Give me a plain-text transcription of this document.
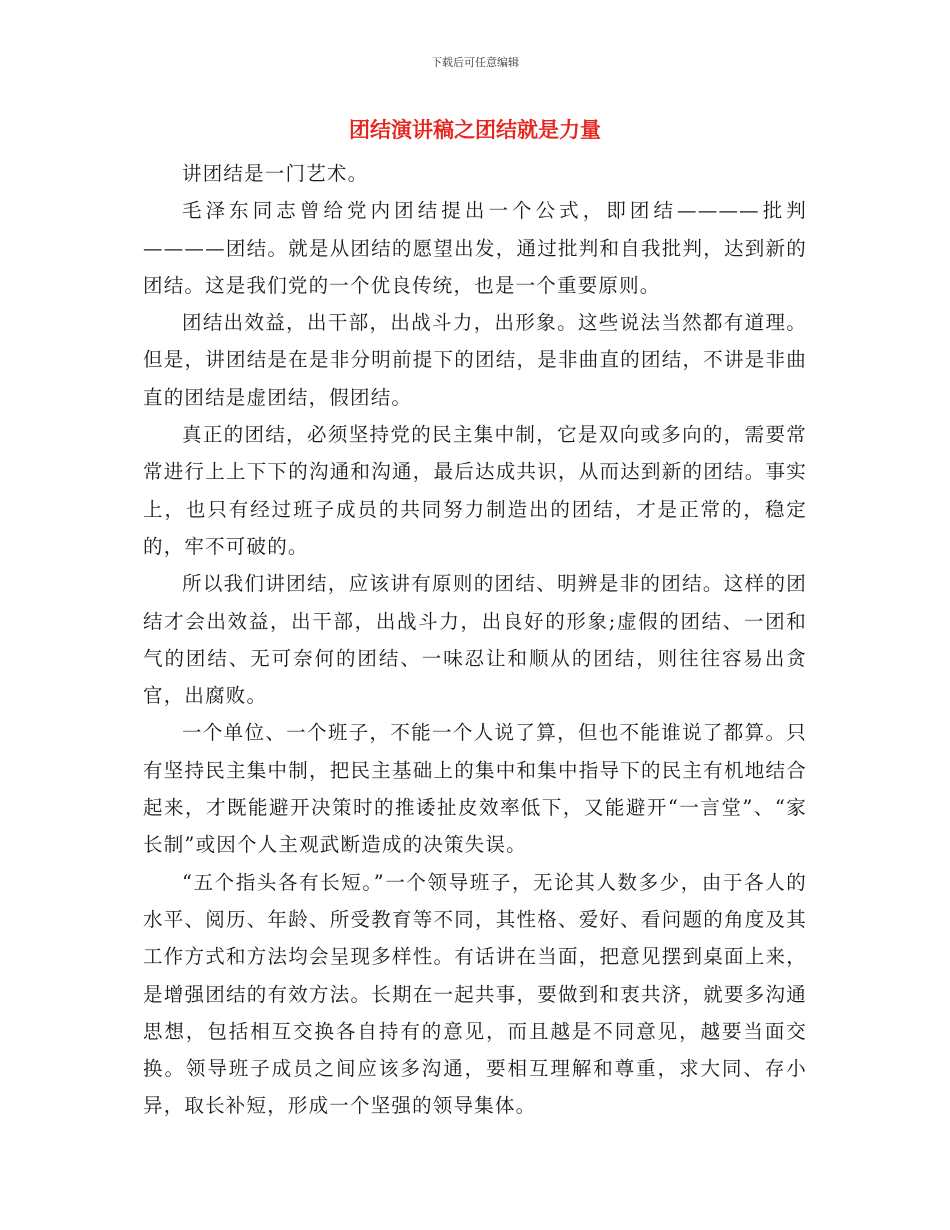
下载后可任意编辑
团结演讲稿之团结就是力量

讲团结是一门艺术。

毛泽东同志曾给党内团结提出一个公式，即团结————批判————团结。就是从团结的愿望出发，通过批判和自我批判，达到新的团结。这是我们党的一个优良传统，也是一个重要原则。

团结出效益，出干部，出战斗力，出形象。这些说法当然都有道理。但是，讲团结是在是非分明前提下的团结，是非曲直的团结，不讲是非曲直的团结是虚团结，假团结。

真正的团结，必须坚持党的民主集中制，它是双向或多向的，需要常常进行上上下下的沟通和沟通，最后达成共识，从而达到新的团结。事实上，也只有经过班子成员的共同努力制造出的团结，才是正常的，稳定的，牢不可破的。

所以我们讲团结，应该讲有原则的团结、明辨是非的团结。这样的团结才会出效益，出干部，出战斗力，出良好的形象;虚假的团结、一团和气的团结、无可奈何的团结、一味忍让和顺从的团结，则往往容易出贪官，出腐败。

一个单位、一个班子，不能一个人说了算，但也不能谁说了都算。只有坚持民主集中制，把民主基础上的集中和集中指导下的民主有机地结合起来，才既能避开决策时的推诿扯皮效率低下，又能避开“一言堂”、“家长制”或因个人主观武断造成的决策失误。

“五个指头各有长短。”一个领导班子，无论其人数多少，由于各人的水平、阅历、年龄、所受教育等不同，其性格、爱好、看问题的角度及其工作方式和方法均会呈现多样性。有话讲在当面，把意见摆到桌面上来，是增强团结的有效方法。长期在一起共事，要做到和衷共济，就要多沟通思想，包括相互交换各自持有的意见，而且越是不同意见，越要当面交换。领导班子成员之间应该多沟通，要相互理解和尊重，求大同、存小异，取长补短，形成一个坚强的领导集体。
